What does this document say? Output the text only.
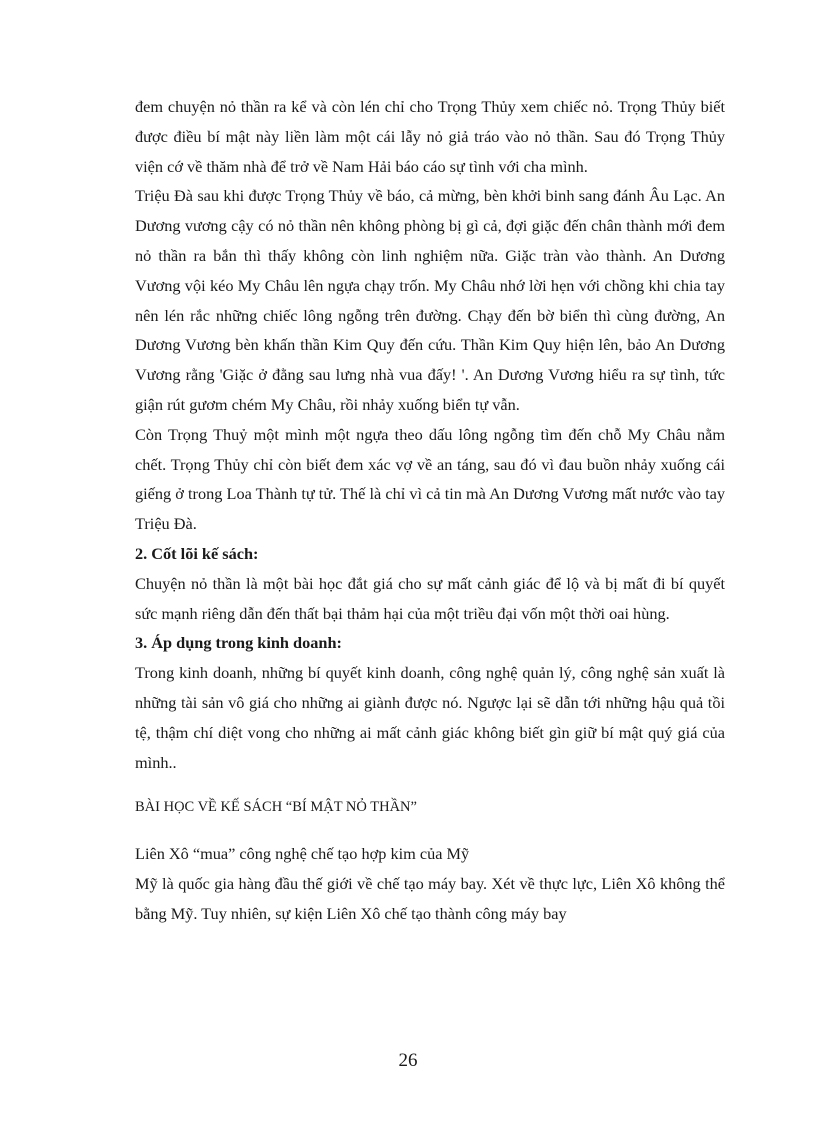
đem chuyện nỏ thần ra kể và còn lén chỉ cho Trọng Thủy xem chiếc nỏ. Trọng Thủy biết được điều bí mật này liền làm một cái lẫy nỏ giả tráo vào nỏ thần. Sau đó Trọng Thủy viện cớ về thăm nhà để trở về Nam Hải báo cáo sự tình với cha mình.

Triệu Đà sau khi được Trọng Thủy về báo, cả mừng, bèn khởi binh sang đánh Âu Lạc. An Dương vương cậy có nỏ thần nên không phòng bị gì cả, đợi giặc đến chân thành mới đem nỏ thần ra bắn thì thấy không còn linh nghiệm nữa. Giặc tràn vào thành. An Dương Vương vội kéo My Châu lên ngựa chạy trốn. My Châu nhớ lời hẹn với chồng khi chia tay nên lén rắc những chiếc lông ngỗng trên đường. Chạy đến bờ biển thì cùng đường, An Dương Vương bèn khấn thần Kim Quy đến cứu. Thần Kim Quy hiện lên, bảo An Dương Vương rằng 'Giặc ở đằng sau lưng nhà vua đấy! '. An Dương Vương hiểu ra sự tình, tức giận rút gươm chém My Châu, rồi nhảy xuống biển tự vẫn.

Còn Trọng Thuỷ một mình một ngựa theo dấu lông ngỗng tìm đến chỗ My Châu nằm chết. Trọng Thủy chỉ còn biết đem xác vợ về an táng, sau đó vì đau buồn nhảy xuống cái giếng ở trong Loa Thành tự tử. Thế là chỉ vì cả tin mà An Dương Vương mất nước vào tay Triệu Đà.

2. Cốt lõi kế sách:

Chuyện nỏ thần là một bài học đắt giá cho sự mất cảnh giác để lộ và bị mất đi bí quyết sức mạnh riêng dẫn đến thất bại thảm hại của một triều đại vốn một thời oai hùng.

3. Áp dụng trong kinh doanh:

Trong kinh doanh, những bí quyết kinh doanh, công nghệ quản lý, công nghệ sản xuất là những tài sản vô giá cho những ai giành được nó. Ngược lại sẽ dẫn tới những hậu quả tồi tệ, thậm chí diệt vong cho những ai mất cảnh giác không biết gìn giữ bí mật quý giá của mình..

BÀI HỌC VỀ KẾ SÁCH “BÍ MẬT NỎ THẦN”

Liên Xô “mua” công nghệ chế tạo hợp kim của Mỹ

Mỹ là quốc gia hàng đầu thế giới về chế tạo máy bay. Xét về thực lực, Liên Xô không thể bằng Mỹ. Tuy nhiên, sự kiện Liên Xô chế tạo thành công máy bay

26
